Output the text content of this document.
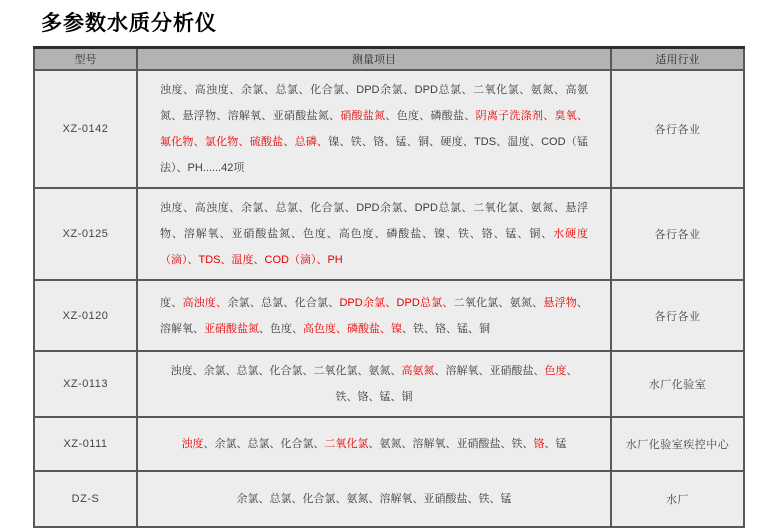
多参数水质分析仪
型号	测量项目	适用行业
XZ-0142	浊度、高浊度、余氯、总氯、化合氯、DPD余氯、DPD总氯、二氧化氯、氨氮、高氨氮、悬浮物、溶解氧、亚硝酸盐氮、硝酸盐氮、色度、磷酸盐、阴离子洗涤剂、臭氧、氟化物、氯化物、硫酸盐、总磷、镍、铁、铬、锰、铜、硬度、TDS、温度、COD（锰法）、PH......42项	各行各业
XZ-0125	浊度、高浊度、余氯、总氯、化合氯、DPD余氯、DPD总氯、二氧化氯、氨氮、悬浮物、溶解氧、亚硝酸盐氮、色度、高色度、磷酸盐、镍、铁、铬、锰、铜、水硬度（滴）、TDS、温度、COD（滴）、PH	各行各业
XZ-0120	度、高浊度、余氯、总氯、化合氯、DPD余氯、DPD总氯、二氧化氯、氨氮、悬浮物、溶解氧、亚硝酸盐氮、色度、高色度、磷酸盐、镍、铁、铬、锰、铜	各行各业
XZ-0113	浊度、余氯、总氯、化合氯、二氧化氯、氨氮、高氨氮、溶解氧、亚硝酸盐、色度、铁、铬、锰、铜	水厂化验室
XZ-0111	浊度、余氯、总氯、化合氯、二氧化氯、氨氮、溶解氧、亚硝酸盐、铁、铬、锰	水厂化验室疾控中心
DZ-S	余氯、总氯、化合氯、氨氮、溶解氧、亚硝酸盐、铁、锰	水厂
